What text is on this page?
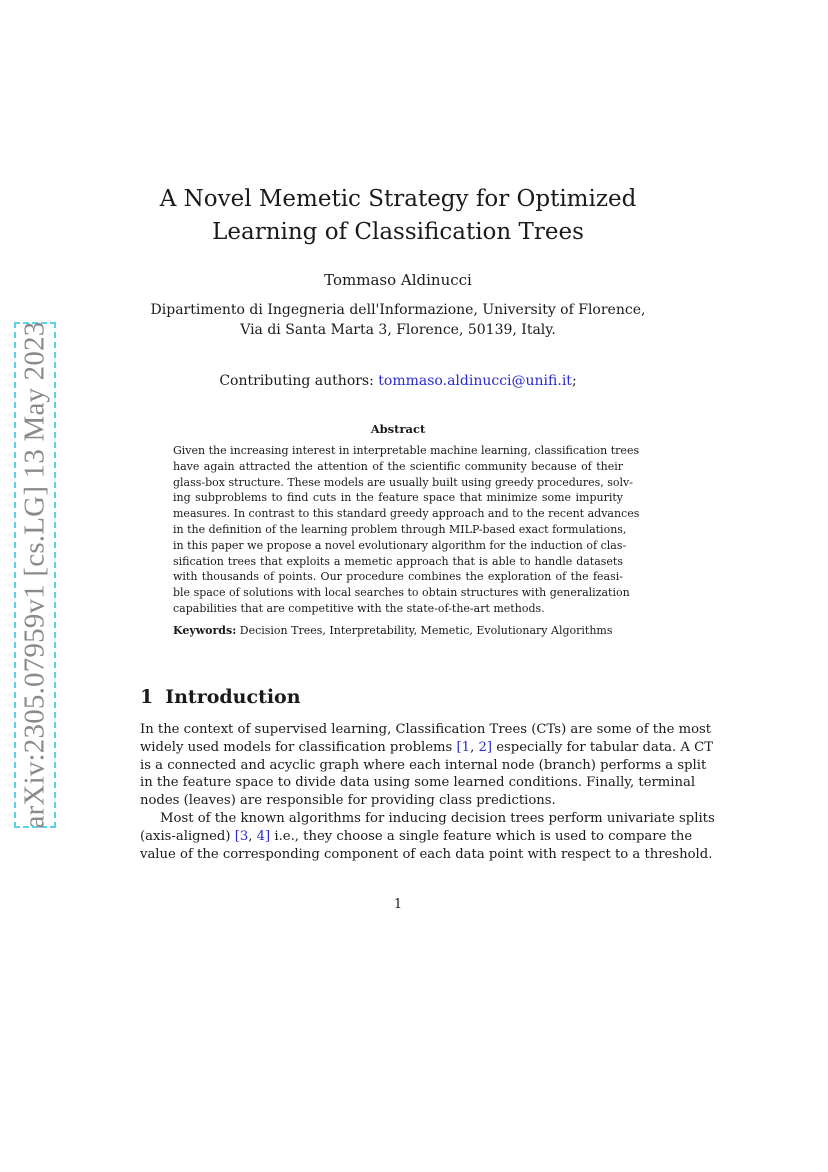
arXiv:2305.07959v1 [cs.LG] 13 May 2023
A Novel Memetic Strategy for Optimized
Learning of Classification Trees
Tommaso Aldinucci
Dipartimento di Ingegneria dell'Informazione, University of Florence,
Via di Santa Marta 3, Florence, 50139, Italy.
Contributing authors: tommaso.aldinucci@unifi.it;
Abstract
Given the increasing interest in interpretable machine learning, classification trees
have again attracted the attention of the scientific community because of their
glass-box structure. These models are usually built using greedy procedures, solv-
ing subproblems to find cuts in the feature space that minimize some impurity
measures. In contrast to this standard greedy approach and to the recent advances
in the definition of the learning problem through MILP-based exact formulations,
in this paper we propose a novel evolutionary algorithm for the induction of clas-
sification trees that exploits a memetic approach that is able to handle datasets
with thousands of points. Our procedure combines the exploration of the feasi-
ble space of solutions with local searches to obtain structures with generalization
capabilities that are competitive with the state-of-the-art methods.
Keywords: Decision Trees, Interpretability, Memetic, Evolutionary Algorithms
1 Introduction
In the context of supervised learning, Classification Trees (CTs) are some of the most
widely used models for classification problems [1, 2] especially for tabular data. A CT
is a connected and acyclic graph where each internal node (branch) performs a split
in the feature space to divide data using some learned conditions. Finally, terminal
nodes (leaves) are responsible for providing class predictions.
Most of the known algorithms for inducing decision trees perform univariate splits
(axis-aligned) [3, 4] i.e., they choose a single feature which is used to compare the
value of the corresponding component of each data point with respect to a threshold.
1
